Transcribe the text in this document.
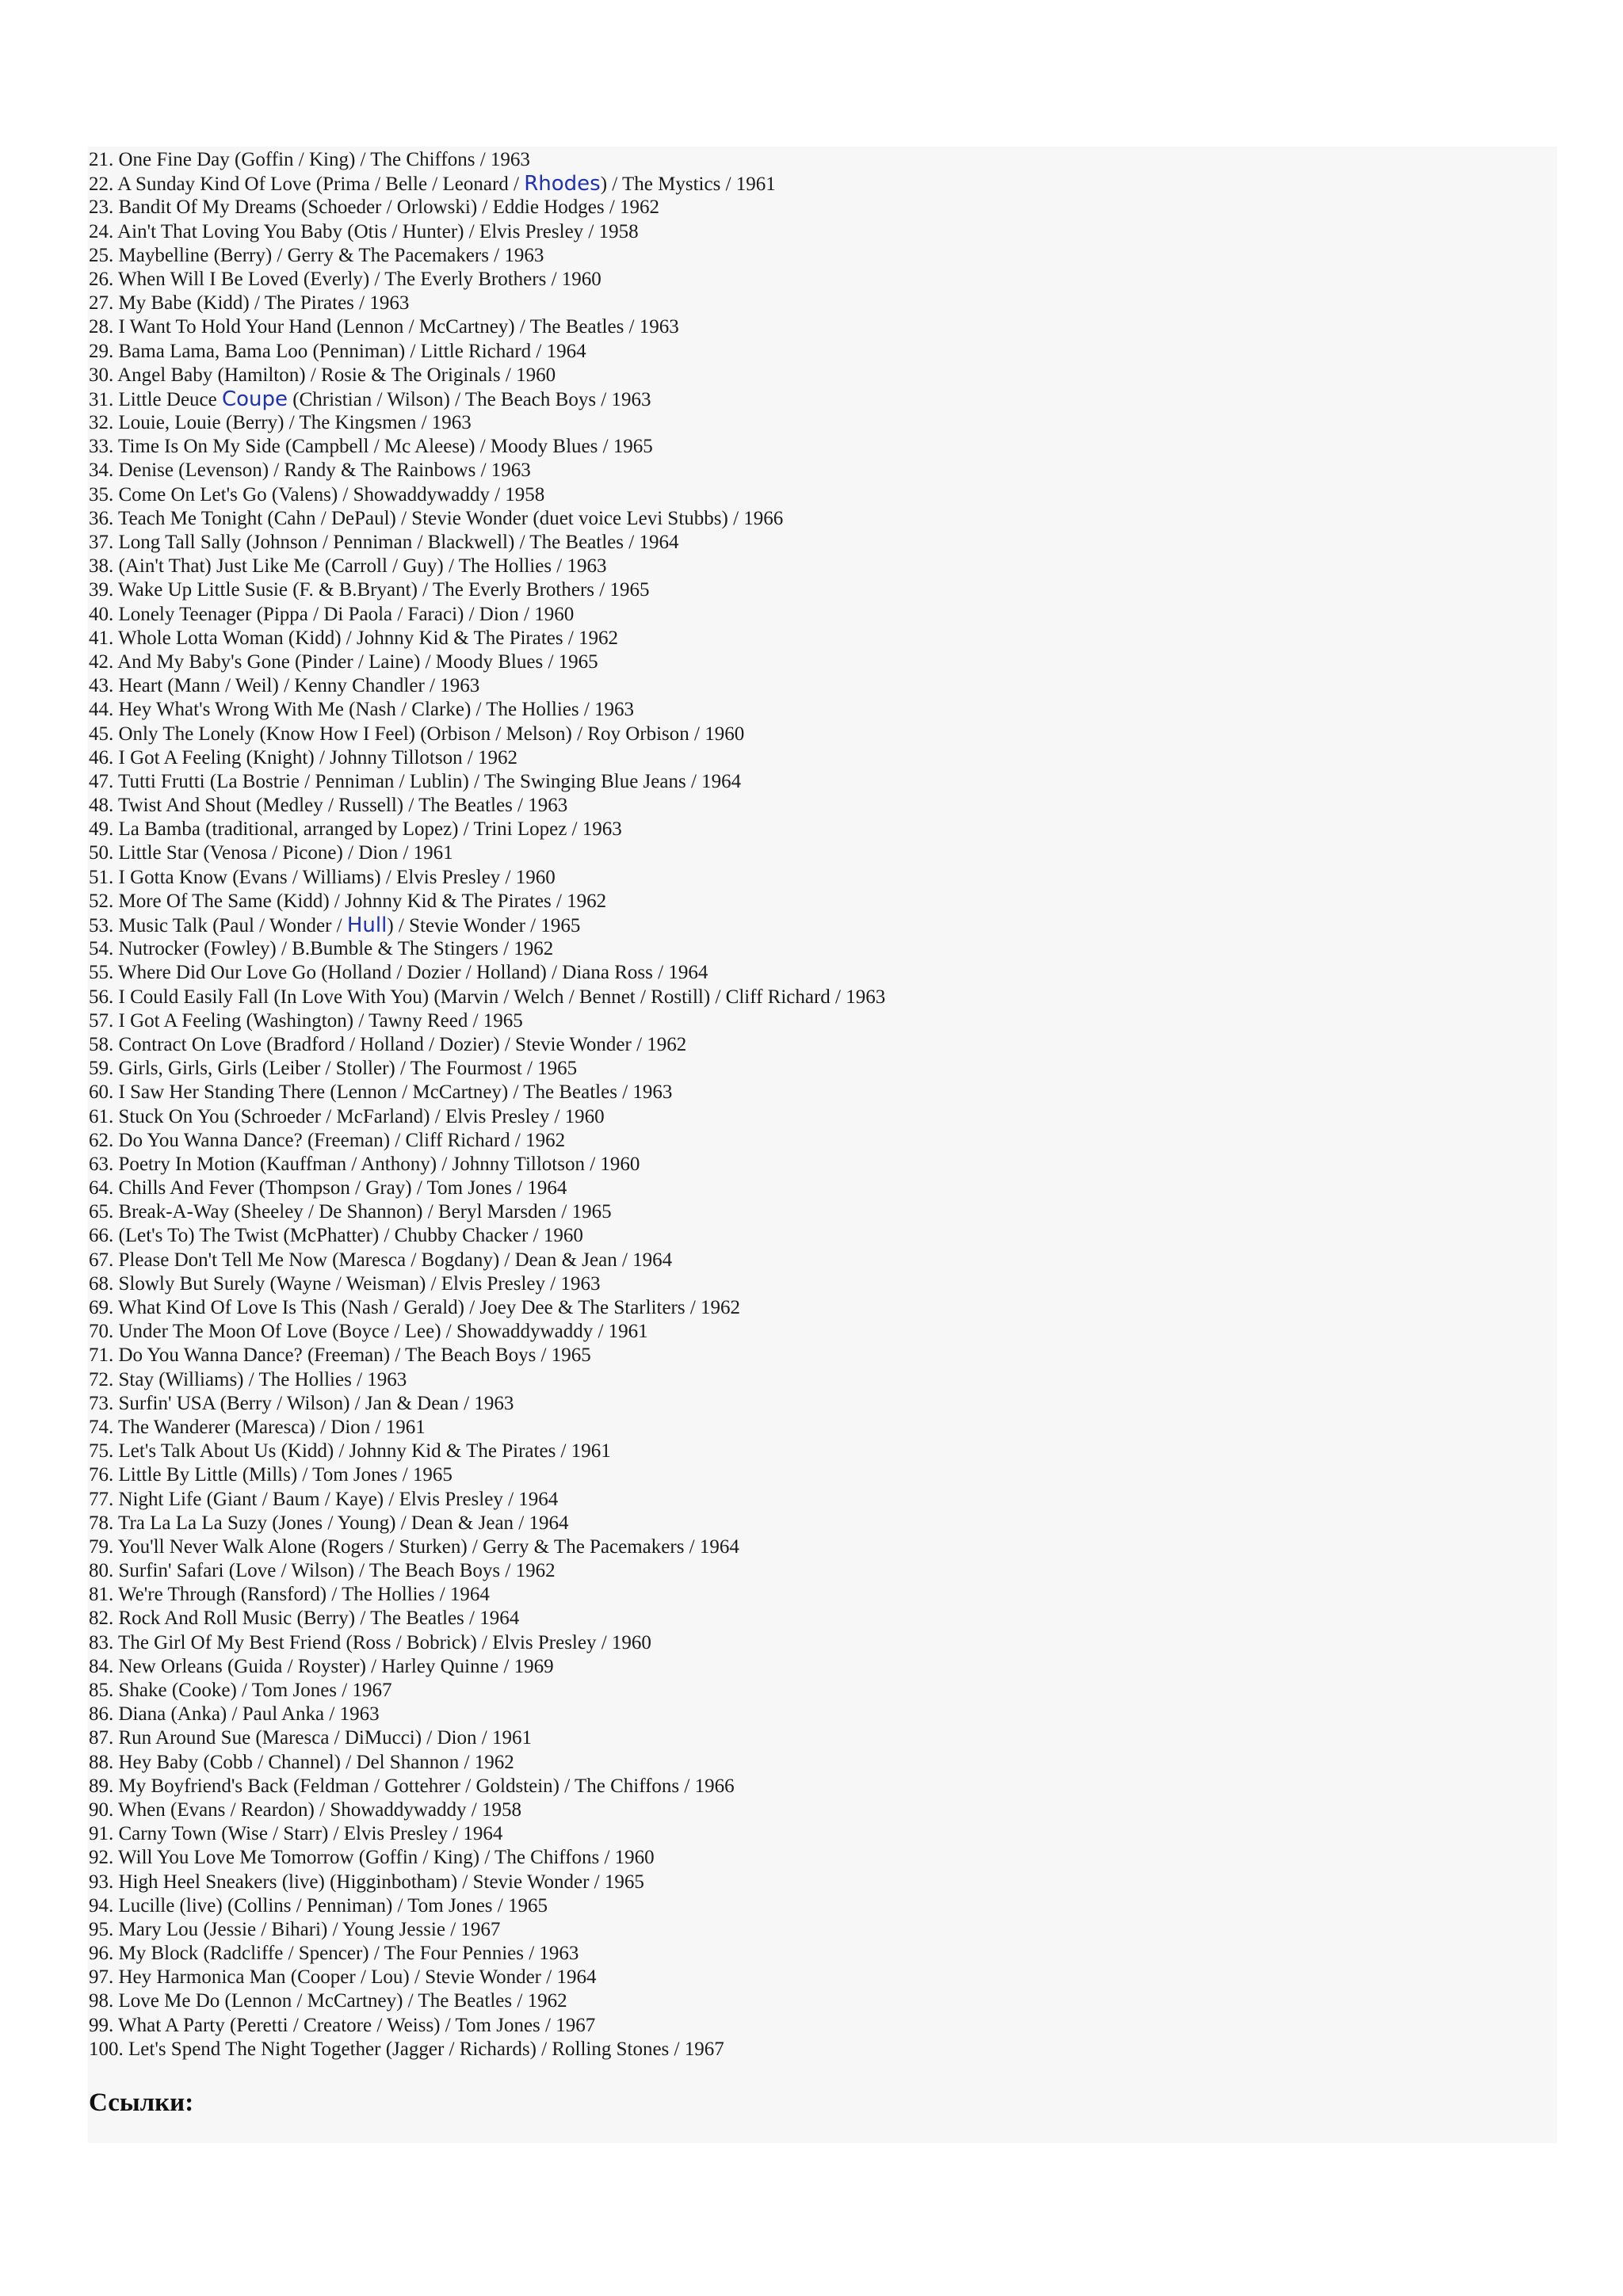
21. One Fine Day (Goffin / King) / The Chiffons / 1963
22. A Sunday Kind Of Love (Prima / Belle / Leonard / Rhodes) / The Mystics / 1961
23. Bandit Of My Dreams (Schoeder / Orlowski) / Eddie Hodges / 1962
24. Ain't That Loving You Baby (Otis / Hunter) / Elvis Presley / 1958
25. Maybelline (Berry) / Gerry & The Pacemakers / 1963
26. When Will I Be Loved (Everly) / The Everly Brothers / 1960
27. My Babe (Kidd) / The Pirates / 1963
28. I Want To Hold Your Hand (Lennon / McCartney) / The Beatles / 1963
29. Bama Lama, Bama Loo (Penniman) / Little Richard / 1964
30. Angel Baby (Hamilton) / Rosie & The Originals / 1960
31. Little Deuce Coupe (Christian / Wilson) / The Beach Boys / 1963
32. Louie, Louie (Berry) / The Kingsmen / 1963
33. Time Is On My Side (Campbell / Mc Aleese) / Moody Blues / 1965
34. Denise (Levenson) / Randy & The Rainbows / 1963
35. Come On Let's Go (Valens) / Showaddywaddy / 1958
36. Teach Me Tonight (Cahn / DePaul) / Stevie Wonder (duet voice Levi Stubbs) / 1966
37. Long Tall Sally (Johnson / Penniman / Blackwell) / The Beatles / 1964
38. (Ain't That) Just Like Me (Carroll / Guy) / The Hollies / 1963
39. Wake Up Little Susie (F. & B.Bryant) / The Everly Brothers / 1965
40. Lonely Teenager (Pippa / Di Paola / Faraci) / Dion / 1960
41. Whole Lotta Woman (Kidd) / Johnny Kid & The Pirates / 1962
42. And My Baby's Gone (Pinder / Laine) / Moody Blues / 1965
43. Heart (Mann / Weil) / Kenny Chandler / 1963
44. Hey What's Wrong With Me (Nash / Clarke) / The Hollies / 1963
45. Only The Lonely (Know How I Feel) (Orbison / Melson) / Roy Orbison / 1960
46. I Got A Feeling (Knight) / Johnny Tillotson / 1962
47. Tutti Frutti (La Bostrie / Penniman / Lublin) / The Swinging Blue Jeans / 1964
48. Twist And Shout (Medley / Russell) / The Beatles / 1963
49. La Bamba (traditional, arranged by Lopez) / Trini Lopez / 1963
50. Little Star (Venosa / Picone) / Dion / 1961
51. I Gotta Know (Evans / Williams) / Elvis Presley / 1960
52. More Of The Same (Kidd) / Johnny Kid & The Pirates / 1962
53. Music Talk (Paul / Wonder / Hull) / Stevie Wonder / 1965
54. Nutrocker (Fowley) / B.Bumble & The Stingers / 1962
55. Where Did Our Love Go (Holland / Dozier / Holland) / Diana Ross / 1964
56. I Could Easily Fall (In Love With You) (Marvin / Welch / Bennet / Rostill) / Cliff Richard / 1963
57. I Got A Feeling (Washington) / Tawny Reed / 1965
58. Contract On Love (Bradford / Holland / Dozier) / Stevie Wonder / 1962
59. Girls, Girls, Girls (Leiber / Stoller) / The Fourmost / 1965
60. I Saw Her Standing There (Lennon / McCartney) / The Beatles / 1963
61. Stuck On You (Schroeder / McFarland) / Elvis Presley / 1960
62. Do You Wanna Dance? (Freeman) / Cliff Richard / 1962
63. Poetry In Motion (Kauffman / Anthony) / Johnny Tillotson / 1960
64. Chills And Fever (Thompson / Gray) / Tom Jones / 1964
65. Break-A-Way (Sheeley / De Shannon) / Beryl Marsden / 1965
66. (Let's To) The Twist (McPhatter) / Chubby Chacker / 1960
67. Please Don't Tell Me Now (Maresca / Bogdany) / Dean & Jean / 1964
68. Slowly But Surely (Wayne / Weisman) / Elvis Presley / 1963
69. What Kind Of Love Is This (Nash / Gerald) / Joey Dee & The Starliters / 1962
70. Under The Moon Of Love (Boyce / Lee) / Showaddywaddy / 1961
71. Do You Wanna Dance? (Freeman) / The Beach Boys / 1965
72. Stay (Williams) / The Hollies / 1963
73. Surfin' USA (Berry / Wilson) / Jan & Dean / 1963
74. The Wanderer (Maresca) / Dion / 1961
75. Let's Talk About Us (Kidd) / Johnny Kid & The Pirates / 1961
76. Little By Little (Mills) / Tom Jones / 1965
77. Night Life (Giant / Baum / Kaye) / Elvis Presley / 1964
78. Tra La La La Suzy (Jones / Young) / Dean & Jean / 1964
79. You'll Never Walk Alone (Rogers / Sturken) / Gerry & The Pacemakers / 1964
80. Surfin' Safari (Love / Wilson) / The Beach Boys / 1962
81. We're Through (Ransford) / The Hollies / 1964
82. Rock And Roll Music (Berry) / The Beatles / 1964
83. The Girl Of My Best Friend (Ross / Bobrick) / Elvis Presley / 1960
84. New Orleans (Guida / Royster) / Harley Quinne / 1969
85. Shake (Cooke) / Tom Jones / 1967
86. Diana (Anka) / Paul Anka / 1963
87. Run Around Sue (Maresca / DiMucci) / Dion / 1961
88. Hey Baby (Cobb / Channel) / Del Shannon / 1962
89. My Boyfriend's Back (Feldman / Gottehrer / Goldstein) / The Chiffons / 1966
90. When (Evans / Reardon) / Showaddywaddy / 1958
91. Carny Town (Wise / Starr) / Elvis Presley / 1964
92. Will You Love Me Tomorrow (Goffin / King) / The Chiffons / 1960
93. High Heel Sneakers (live) (Higginbotham) / Stevie Wonder / 1965
94. Lucille (live) (Collins / Penniman) / Tom Jones / 1965
95. Mary Lou (Jessie / Bihari) / Young Jessie / 1967
96. My Block (Radcliffe / Spencer) / The Four Pennies / 1963
97. Hey Harmonica Man (Cooper / Lou) / Stevie Wonder / 1964
98. Love Me Do (Lennon / McCartney) / The Beatles / 1962
99. What A Party (Peretti / Creatore / Weiss) / Tom Jones / 1967
100. Let's Spend The Night Together (Jagger / Richards) / Rolling Stones / 1967
Ссылки:
